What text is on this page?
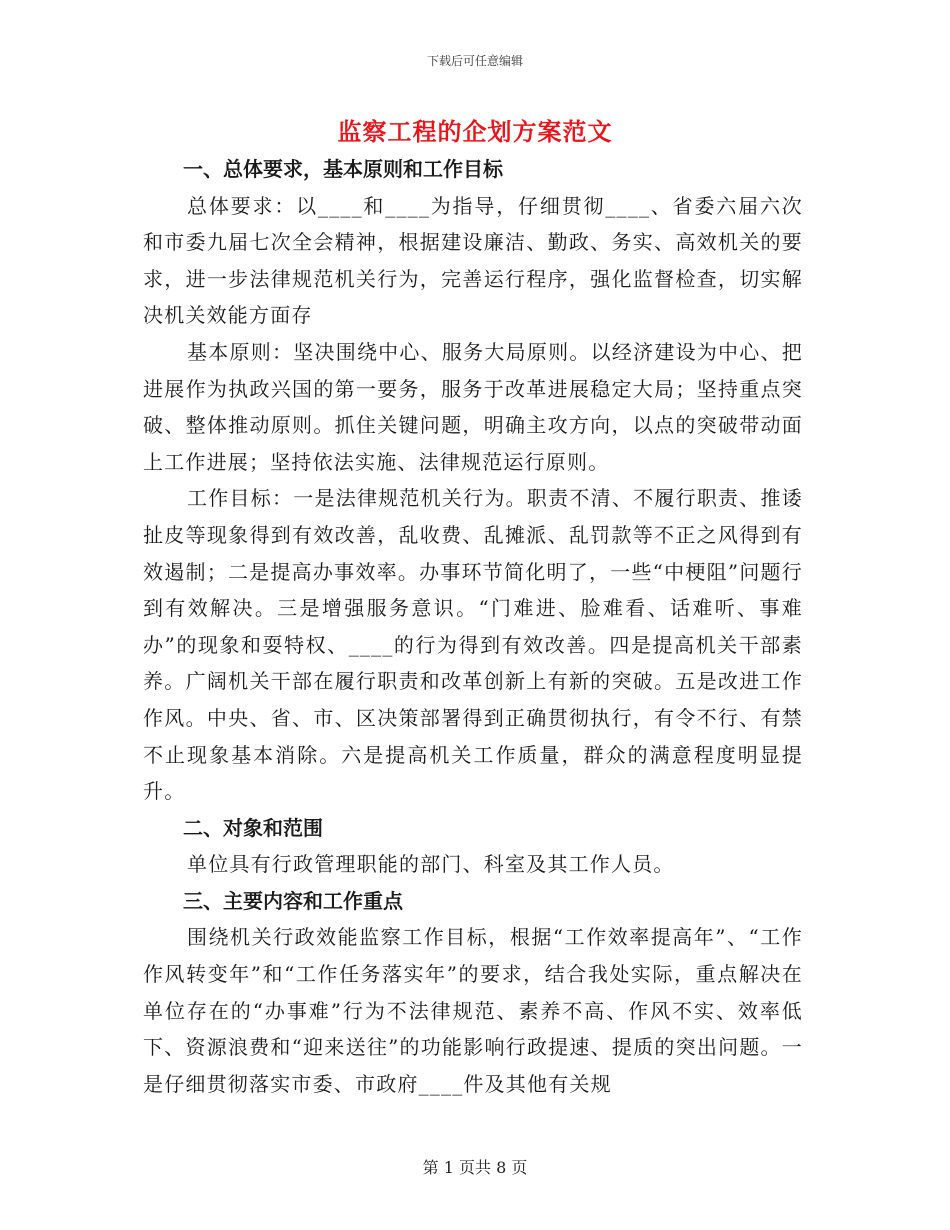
下载后可任意编辑
监察工程的企划方案范文

一、总体要求，基本原则和工作目标

总体要求：以____和____为指导，仔细贯彻____、省委六届六次和市委九届七次全会精神，根据建设廉洁、勤政、务实、高效机关的要求，进一步法律规范机关行为，完善运行程序，强化监督检查，切实解决机关效能方面存

基本原则：坚决围绕中心、服务大局原则。以经济建设为中心、把进展作为执政兴国的第一要务，服务于改革进展稳定大局；坚持重点突破、整体推动原则。抓住关键问题，明确主攻方向，以点的突破带动面上工作进展；坚持依法实施、法律规范运行原则。

工作目标：一是法律规范机关行为。职责不清、不履行职责、推诿扯皮等现象得到有效改善，乱收费、乱摊派、乱罚款等不正之风得到有效遏制；二是提高办事效率。办事环节简化明了，一些“中梗阻”问题行到有效解决。三是增强服务意识。“门难进、脸难看、话难听、事难办”的现象和耍特权、____的行为得到有效改善。四是提高机关干部素养。广阔机关干部在履行职责和改革创新上有新的突破。五是改进工作作风。中央、省、市、区决策部署得到正确贯彻执行，有令不行、有禁不止现象基本消除。六是提高机关工作质量，群众的满意程度明显提升。

二、对象和范围

单位具有行政管理职能的部门、科室及其工作人员。

三、主要内容和工作重点

围绕机关行政效能监察工作目标，根据“工作效率提高年”、“工作作风转变年”和“工作任务落实年”的要求，结合我处实际，重点解决在单位存在的“办事难”行为不法律规范、素养不高、作风不实、效率低下、资源浪费和“迎来送往”的功能影响行政提速、提质的突出问题。一是仔细贯彻落实市委、市政府____件及其他有关规

第 1 页共 8 页
